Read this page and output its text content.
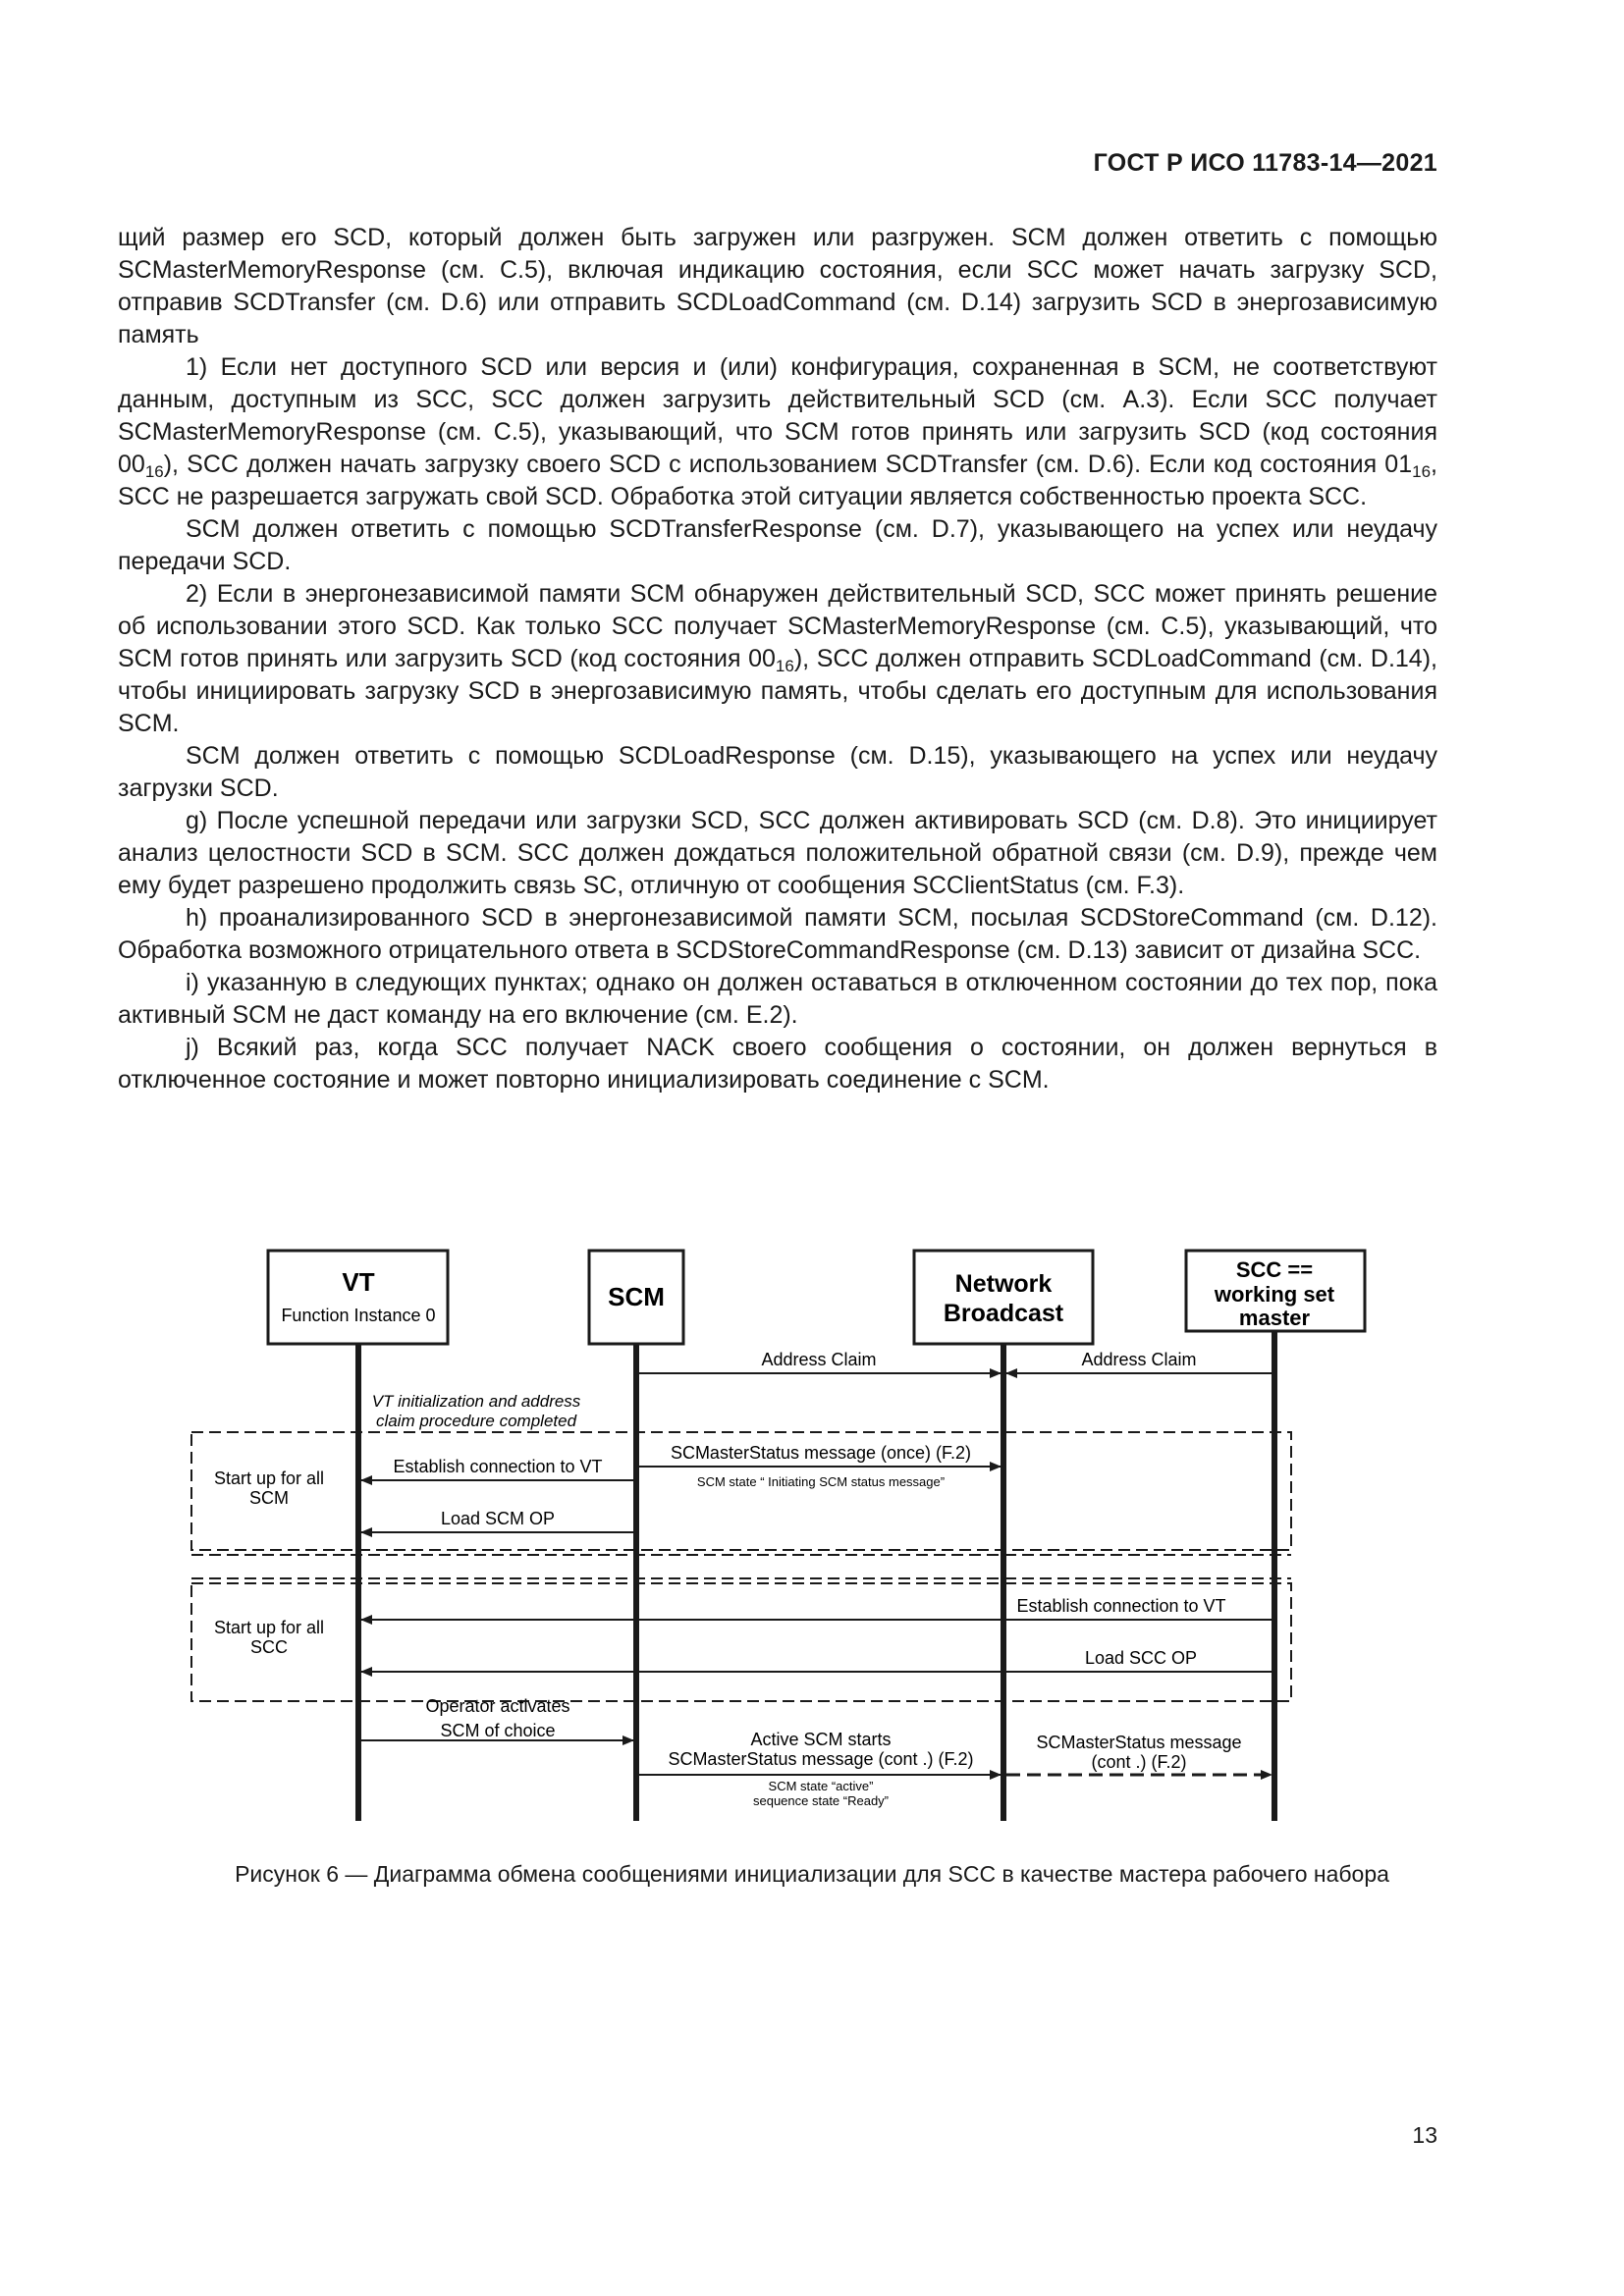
ГОСТ Р ИСО 11783-14—2021

щий размер его SCD, который должен быть загружен или разгружен. SCM должен ответить с помощью SCMasterMemoryResponse (см. С.5), включая индикацию состояния, если SCC может начать загрузку SCD, отправив SCDTransfer (см. D.6) или отправить SCDLoadCommand (см. D.14) загрузить SCD в энергозависимую память

1) Если нет доступного SCD или версия и (или) конфигурация, сохраненная в SCM, не соответствуют данным, доступным из SCC, SCC должен загрузить действительный SCD (см. А.3). Если SCC получает SCMasterMemoryResponse (см. С.5), указывающий, что SCM готов принять или загрузить SCD (код состояния $00_{16}$), SCC должен начать загрузку своего SCD с использованием SCDTransfer (см. D.6). Если код состояния $01_{16}$, SCC не разрешается загружать свой SCD. Обработка этой ситуации является собственностью проекта SCC.

SCM должен ответить с помощью SCDTransferResponse (см. D.7), указывающего на успех или неудачу передачи SCD.

2) Если в энергонезависимой памяти SCM обнаружен действительный SCD, SCC может принять решение об использовании этого SCD. Как только SCC получает SCMasterMemoryResponse (см. С.5), указывающий, что SCM готов принять или загрузить SCD (код состояния $00_{16}$), SCC должен отправить SCDLoadCommand (см. D.14), чтобы инициировать загрузку SCD в энергозависимую память, чтобы сделать его доступным для использования SCM.

SCM должен ответить с помощью SCDLoadResponse (см. D.15), указывающего на успех или неудачу загрузки SCD.

g) После успешной передачи или загрузки SCD, SCC должен активировать SCD (см. D.8). Это инициирует анализ целостности SCD в SCM. SCC должен дождаться положительной обратной связи (см. D.9), прежде чем ему будет разрешено продолжить связь SC, отличную от сообщения SCClientStatus (см. F.3).

h) проанализированного SCD в энергонезависимой памяти SCM, посылая SCDStoreCommand (см. D.12). Обработка возможного отрицательного ответа в SCDStoreCommandResponse (см. D.13) зависит от дизайна SCC.

i) указанную в следующих пунктах; однако он должен оставаться в отключенном состоянии до тех пор, пока активный SCM не даст команду на его включение (см. Е.2).

j) Всякий раз, когда SCC получает NACK своего сообщения о состоянии, он должен вернуться в отключенное состояние и может повторно инициализировать соединение с SCM.

VT
Function Instance 0
SCM	Network
Broadcast
SCC ==
working set
master
Address Claim	Address Claim
VT initialization and address
claim procedure completed
Start up for all
SCM
SCMasterStatus message (once) (F.2)
SCM state “ Initiating SCM status message”
Establish connection to VT
Load SCM OP
Start up for all
SCC
Establish connection to VT
Load SCC OP
Operator activates
SCM of choice	Active SCM starts
SCMasterStatus message (cont .) (F.2)
SCM state “active”
sequence state “Ready”
SCMasterStatus message
(cont .) (F.2)
Рисунок 6 — Диаграмма обмена сообщениями инициализации для SCC в качестве мастера рабочего набора
13
